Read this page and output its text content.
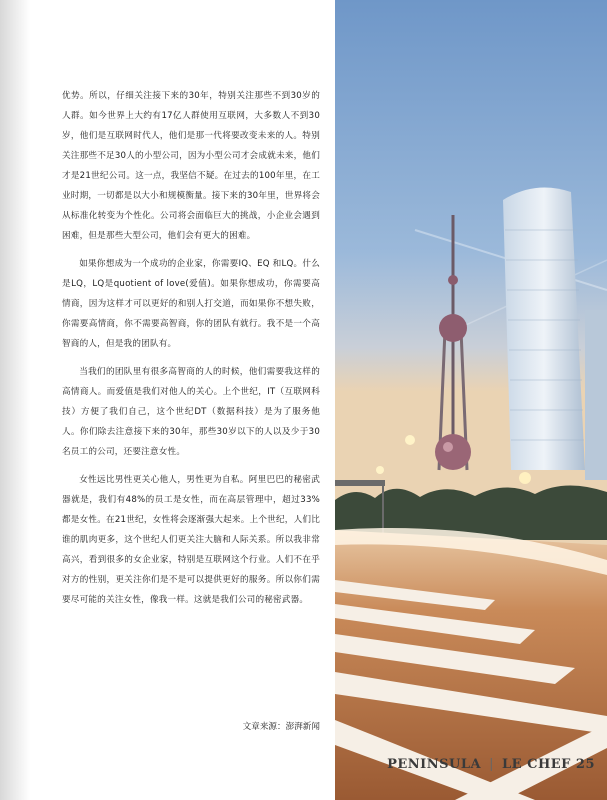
优势。所以，仔细关注接下来的30年，特别关注那些不到30岁的人群。如今世界上大约有17亿人群使用互联网，大多数人不到30岁，他们是互联网时代人，他们是那一代将要改变未来的人。特别关注那些不足30人的小型公司，因为小型公司才会成就未来，他们才是21世纪公司。这一点，我坚信不疑。在过去的100年里，在工业时期，一切都是以大小和规模衡量。接下来的30年里，世界将会从标准化转变为个性化。公司将会面临巨大的挑战，小企业会遇到困难，但是那些大型公司，他们会有更大的困难。

如果你想成为一个成功的企业家，你需要IQ、EQ 和LQ。什么是LQ，LQ是quotient of love(爱值)。如果你想成功，你需要高情商，因为这样才可以更好的和别人打交道，而如果你不想失败，你需要高情商，你不需要高智商，你的团队有就行。我不是一个高智商的人，但是我的团队有。

当我们的团队里有很多高智商的人的时候，他们需要我这样的高情商人。而爱值是我们对他人的关心。上个世纪，IT（互联网科技）方便了我们自己，这个世纪DT（数据科技）是为了服务他人。你们除去注意接下来的30年，那些30岁以下的人以及少于30名员工的公司，还要注意女性。

女性远比男性更关心他人，男性更为自私。阿里巴巴的秘密武器就是，我们有48%的员工是女性，而在高层管理中，超过33%都是女性。在21世纪，女性将会逐渐强大起来。上个世纪，人们比谁的肌肉更多，这个世纪人们更关注大脑和人际关系。所以我非常高兴，看到很多的女企业家，特别是互联网这个行业。人们不在乎对方的性别，更关注你们是不是可以提供更好的服务。所以你们需要尽可能的关注女性，像我一样。这就是我们公司的秘密武器。

文章来源：澎湃新闻
PENINSULA | LE CHEF 25
